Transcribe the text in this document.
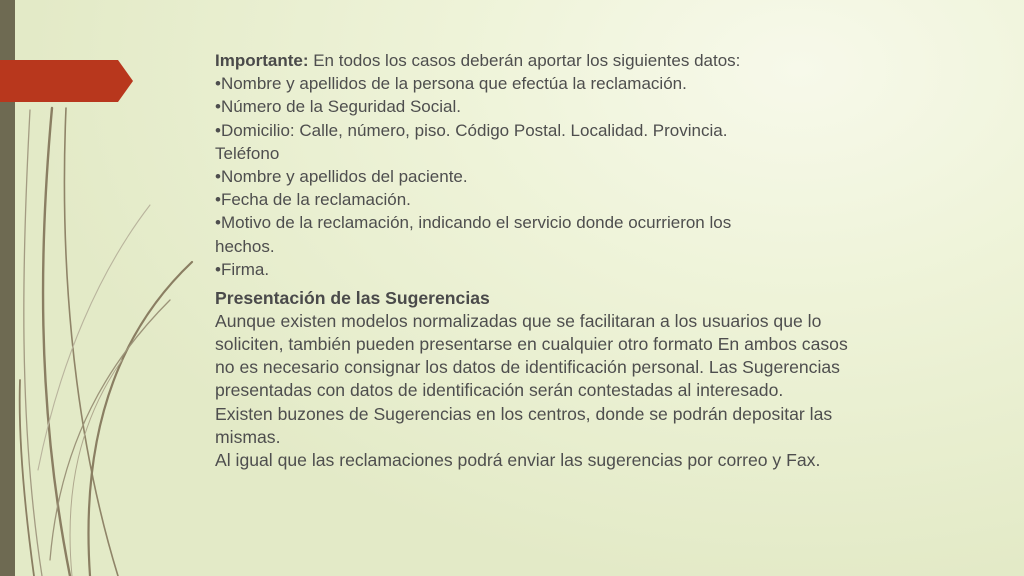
Importante: En todos los casos deberán aportar los siguientes datos:

•Nombre y apellidos de la persona que efectúa la reclamación.

•Número de la Seguridad Social.

•Domicilio: Calle, número, piso. Código Postal. Localidad. Provincia. Teléfono

•Nombre y apellidos del paciente.

•Fecha de la reclamación.

•Motivo de la reclamación, indicando el servicio donde ocurrieron los hechos.

•Firma.

Presentación de las Sugerencias

Aunque existen modelos normalizadas que se facilitaran a los usuarios que lo soliciten, también pueden presentarse en cualquier otro formato En ambos casos no es necesario consignar los datos de identificación personal. Las Sugerencias presentadas con datos de identificación serán contestadas al interesado.

Existen buzones de Sugerencias en los centros, donde se podrán depositar las mismas.

Al igual que las reclamaciones podrá enviar las sugerencias por correo y Fax.
